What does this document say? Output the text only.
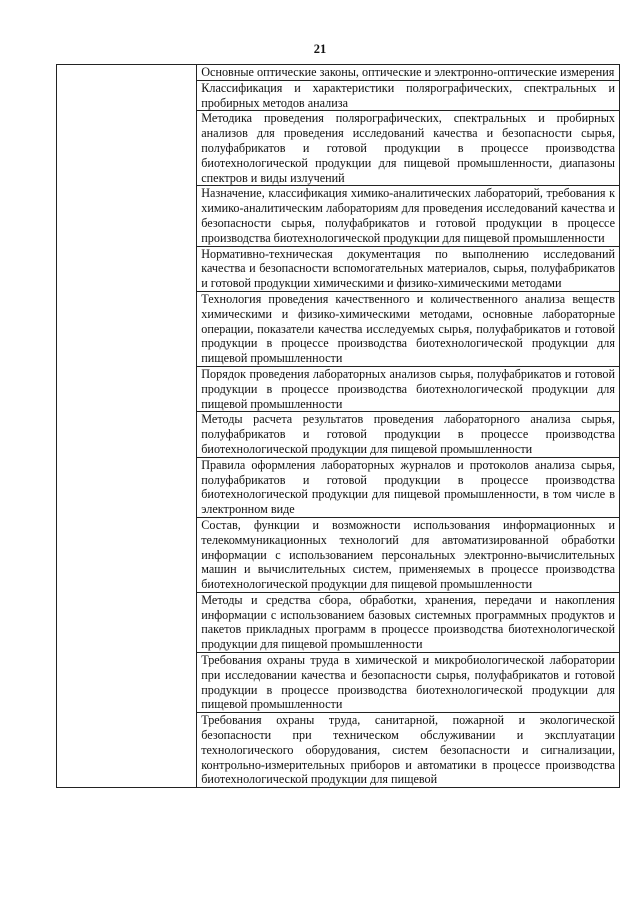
21
	Основные оптические законы, оптические и электронно-оптические измерения
Классификация и характеристики полярографических, спектральных и пробирных методов анализа
Методика проведения полярографических, спектральных и пробирных анализов для проведения исследований качества и безопасности сырья, полуфабрикатов и готовой продукции в процессе производства биотехнологической продукции для пищевой промышленности, диапазоны спектров и виды излучений
Назначение, классификация химико-аналитических лабораторий, требования к химико-аналитическим лабораториям для проведения исследований качества и безопасности сырья, полуфабрикатов и готовой продукции в процессе производства биотехнологической продукции для пищевой промышленности
Нормативно-техническая документация по выполнению исследований качества и безопасности вспомогательных материалов, сырья, полуфабрикатов и готовой продукции химическими и физико-химическими методами
Технология проведения качественного и количественного анализа веществ химическими и физико-химическими методами, основные лабораторные операции, показатели качества исследуемых сырья, полуфабрикатов и готовой продукции в процессе производства биотехнологической продукции для пищевой промышленности
Порядок проведения лабораторных анализов сырья, полуфабрикатов и готовой продукции в процессе производства биотехнологической продукции для пищевой промышленности
Методы расчета результатов проведения лабораторного анализа сырья, полуфабрикатов и готовой продукции в процессе производства биотехнологической продукции для пищевой промышленности
Правила оформления лабораторных журналов и протоколов анализа сырья, полуфабрикатов и готовой продукции в процессе производства биотехнологической продукции для пищевой промышленности, в том числе в электронном виде
Состав, функции и возможности использования информационных и телекоммуникационных технологий для автоматизированной обработки информации с использованием персональных электронно-вычислительных машин и вычислительных систем, применяемых в процессе производства биотехнологической продукции для пищевой промышленности
Методы и средства сбора, обработки, хранения, передачи и накопления информации с использованием базовых системных программных продуктов и пакетов прикладных программ в процессе производства биотехнологической продукции для пищевой промышленности
Требования охраны труда в химической и микробиологической лаборатории при исследовании качества и безопасности сырья, полуфабрикатов и готовой продукции в процессе производства биотехнологической продукции для пищевой промышленности
Требования охраны труда, санитарной, пожарной и экологической безопасности при техническом обслуживании и эксплуатации технологического оборудования, систем безопасности и сигнализации, контрольно-измерительных приборов и автоматики в процессе производства биотехнологической продукции для пищевой
